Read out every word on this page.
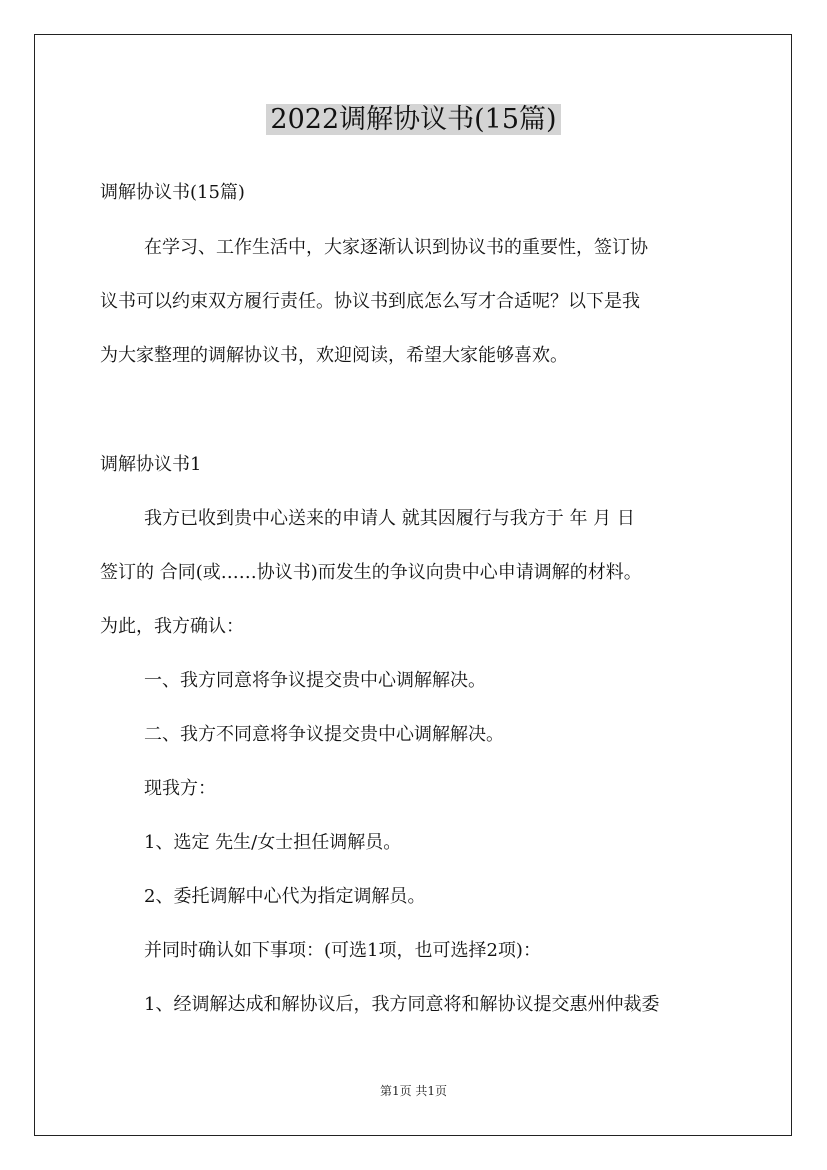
2022调解协议书(15篇)
调解协议书(15篇)
在学习、工作生活中，大家逐渐认识到协议书的重要性，签订协
议书可以约束双方履行责任。协议书到底怎么写才合适呢？以下是我
为大家整理的调解协议书，欢迎阅读，希望大家能够喜欢。
调解协议书1
我方已收到贵中心送来的申请人 就其因履行与我方于 年 月 日
签订的 合同(或……协议书)而发生的争议向贵中心申请调解的材料。
为此，我方确认：
一、我方同意将争议提交贵中心调解解决。
二、我方不同意将争议提交贵中心调解解决。
现我方：
1、选定 先生/女士担任调解员。
2、委托调解中心代为指定调解员。
并同时确认如下事项：(可选1项，也可选择2项)：
1、经调解达成和解协议后，我方同意将和解协议提交惠州仲裁委
第1页 共1页
